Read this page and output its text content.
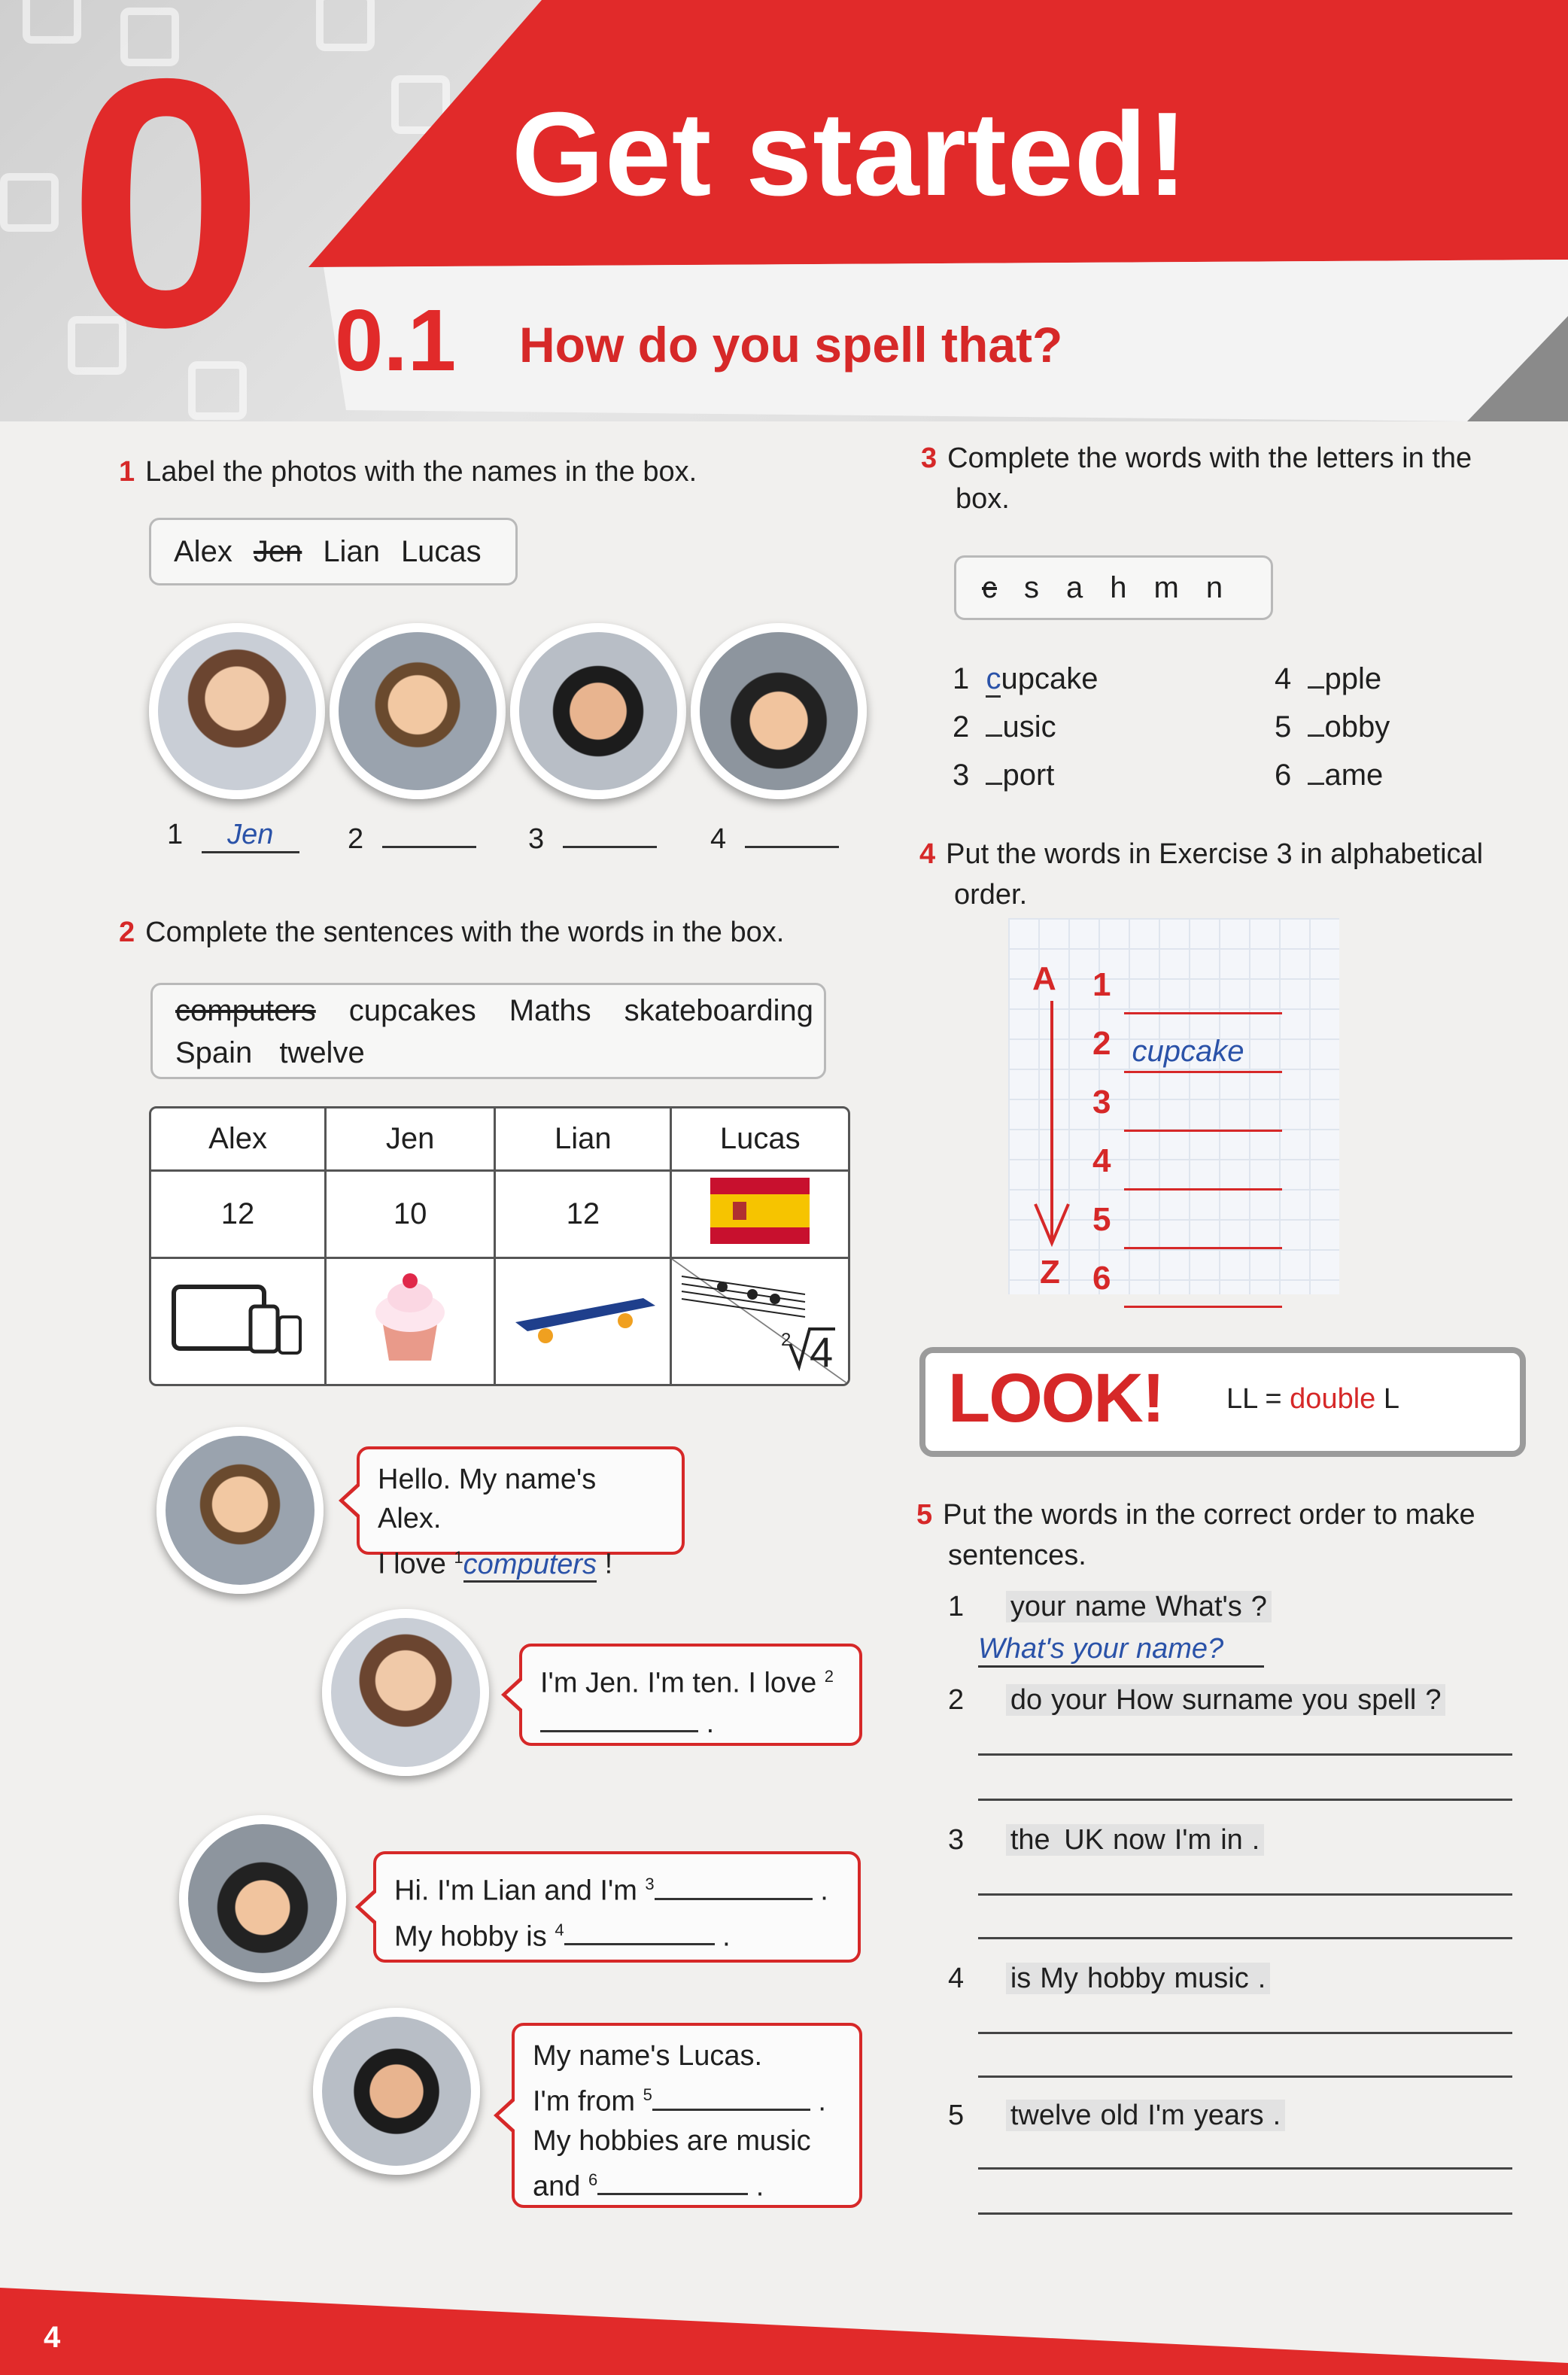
0 Get started!
0.1 How do you spell that?
1 Label the photos with the names in the box.
Alex Jen Lian Lucas
1 Jen	2	3	4
2 Complete the sentences with the words in the box.
computers cupcakes Maths skateboarding
Spain twelve
Alex	Jen	Lian	Lucas
12	10	12	

4
2
Hello. My name's Alex.
I love $^1$computers !
I'm Jen. I'm ten. I love $^2$
.
Hi. I'm Lian and I'm $^3$	.
My hobby is $^4$	.
My name's Lucas.
I'm from $^5$	.
My hobbies are music
and $^6$	.
3 Complete the words with the letters in the
box.
c s a h m n
1 cupcake
2 usic
3 port
4 pple
5 obby
6 ame
4 Put the words in Exercise 3 in alphabetical
order.
A
Z
1
2 cupcake
3
4
5
6
LOOK! LL = double L
5 Put the words in the correct order to make
sentences.
1 your name What's ?
What's your name?
2 do your How surname you spell ?
3 the UK now I'm in .
4 is My hobby music .
5 twelve old I'm years .
4
